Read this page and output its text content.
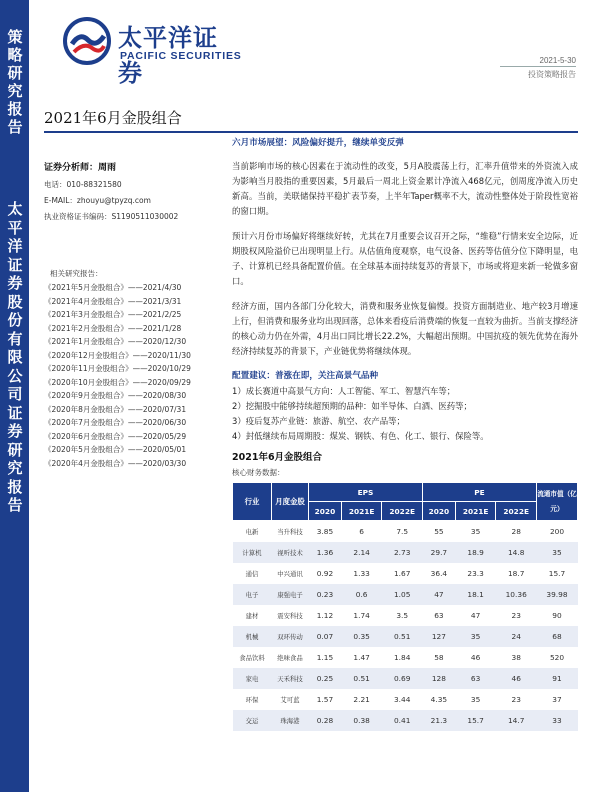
策略研究报告
太平洋证券股份有限公司证券研究报告
太平洋证券
PACIFIC SECURITIES	2021-5-30
投资策略报告
2021年6月金股组合
证券分析师：周雨
电话：010-88321580
E-MAIL：zhouyu@tpyzq.com
执业资格证书编码：S1190511030002
相关研究报告：
《2021年5月金股组合》——2021/4/30
《2021年4月金股组合》——2021/3/31
《2021年3月金股组合》——2021/2/25
《2021年2月金股组合》——2021/1/28
《2021年1月金股组合》——2020/12/30
《2020年12月金股组合》——2020/11/30
《2020年11月金股组合》——2020/10/29
《2020年10月金股组合》——2020/09/29
《2020年9月金股组合》——2020/08/30
《2020年8月金股组合》——2020/07/31
《2020年7月金股组合》——2020/06/30
《2020年6月金股组合》——2020/05/29
《2020年5月金股组合》——2020/05/01
《2020年4月金股组合》——2020/03/30
六月市场展望：风险偏好提升，继续单变反弹

当前影响市场的核心因素在于流动性的改变，5月A股震荡上行，汇率升值带来的外资流入成为影响当月股指的重要因素，5月最后一周北上资金累计净流入468亿元，创周度净流入历史新高。当前，美联储保持平稳扩表节奏，上半年Taper概率不大，流动性整体处于阶段性宽裕的窗口期。

预计六月份市场偏好将继续好转，尤其在7月重要会议召开之际，“维稳”行情来安全边际，近期股权风险溢价已出现明显上行。从估值角度观察，电气设备、医药等估值分位下降明显，电子、计算机已经具备配置价值。在全球基本面持续复苏的背景下，市场或将迎来新一轮做多窗口。

经济方面，国内各部门分化较大，消费和服务业恢复偏慢。投资方面制造业、地产较3月增速上行，但消费和服务业均出现回落，总体来看疫后消费端的恢复一直较为曲折。当前支撑经济的核心动力仍在外需，4月出口同比增长22.2%，大幅超出预期。中国抗疫的领先优势在海外经济持续复苏的背景下，产业链优势将继续体现。

配置建议：普涨在即，关注高景气品种
1）成长赛道中高景气方向：人工智能、军工、智慧汽车等；
2）挖掘股中能够持续超预期的品种：如半导体、白酒、医药等；
3）疫后复苏产业链：旅游、航空、农产品等；
4）封低继续布局周期股：煤炭、钢铁、有色、化工、银行、保险等。
2021年6月金股组合
核心财务数据：
行业	月度金股	EPS			PE			流通市值（亿元）
		2020	2021E	2022E	2020	2021E	2022E	
电新	当升科技	3.85	6	7.5	55	35	28	200
计算机	视听技术	1.36	2.14	2.73	29.7	18.9	14.8	35
通信	中兴通讯	0.92	1.33	1.67	36.4	23.3	18.7	15.7
电子	康强电子	0.23	0.6	1.05	47	18.1	10.36	39.98
建材	震安科技	1.12	1.74	3.5	63	47	23	90
机械	双环传动	0.07	0.35	0.51	127	35	24	68
食品饮料	绝味食品	1.15	1.47	1.84	58	46	38	520
家电	天禾科技	0.25	0.51	0.69	128	63	46	91
环保	艾可蓝	1.57	2.21	3.44	4.35	35	23	37
交运	珠海港	0.28	0.38	0.41	21.3	15.7	14.7	33
